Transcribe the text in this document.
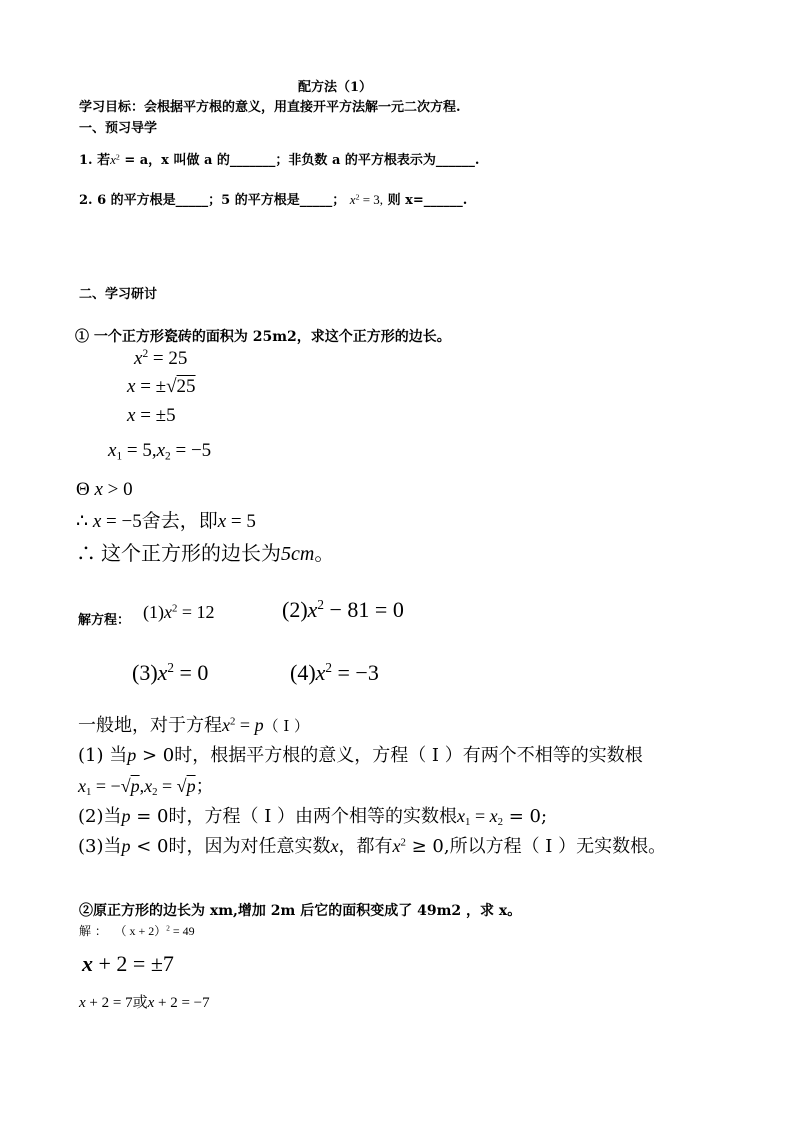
配方法（1）
学习目标：会根据平方根的意义，用直接开平方法解一元二次方程.
一、预习导学
1. 若$x^2 = a$，x 叫做 a 的_______；非负数 a 的平方根表示为______.
2. 6 的平方根是_____；5 的平方根是_____； $x^2 = 3$, 则 x=______.
二、学习研讨
① 一个正方形瓷砖的面积为 25m2，求这个正方形的边长。
$x^2 = 25$
x = ±√25
x = ±5
$x_1 = 5,x_2 = -5$
Θ x > 0
∴ x = −5舍去，即x = 5
∴ 这个正方形的边长为5cm。
解方程： $(1)x^2 = 12$	$(2)x^2 - 81 = 0$
$(3)x^2 = 0$	$(4)x^2 = -3$
一般地，对于方程$x^2 = p$（ I ）
(1) 当p > 0时，根据平方根的意义，方程（ I ）有两个不相等的实数根
$x_1 = -√p,x_2 = √p$；
(2)当p = 0时，方程（ I ）由两个相等的实数根$x_1 = x_2 = 0$;
(3)当p < 0时，因为对任意实数x，都有$x^2 \ge 0$,所以方程（ I ）无实数根。
②原正方形的边长为 xm,增加 2m 后它的面积变成了 49m2 ，求 x。
解 ： （ x + 2）$^2$ = 49
x + 2 = ±7
x + 2 = 7或x + 2 = −7
